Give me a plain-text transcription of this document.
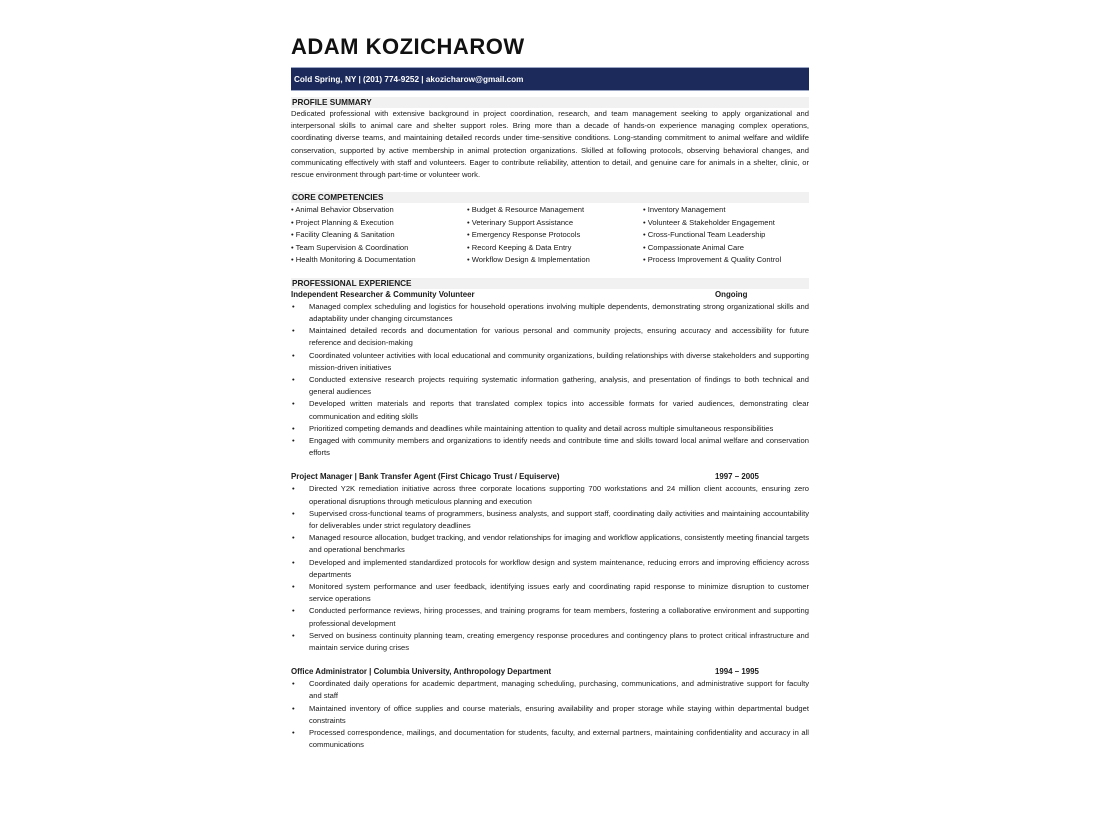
ADAM KOZICHAROW
Cold Spring, NY | (201) 774-9252 | akozicharow@gmail.com
PROFILE SUMMARY

Dedicated professional with extensive background in project coordination, research, and team management seeking to apply organizational and interpersonal skills to animal care and shelter support roles. Bring more than a decade of hands-on experience managing complex operations, coordinating diverse teams, and maintaining detailed records under time-sensitive conditions. Long-standing commitment to animal welfare and wildlife conservation, supported by active membership in animal protection organizations. Skilled at following protocols, observing behavioral changes, and communicating effectively with staff and volunteers. Eager to contribute reliability, attention to detail, and genuine care for animals in a shelter, clinic, or rescue environment through part-time or volunteer work.

CORE COMPETENCIES
• Animal Behavior Observation	• Budget & Resource Management	• Inventory Management
• Project Planning & Execution	• Veterinary Support Assistance	• Volunteer & Stakeholder Engagement
• Facility Cleaning & Sanitation	• Emergency Response Protocols	• Cross-Functional Team Leadership
• Team Supervision & Coordination	• Record Keeping & Data Entry	• Compassionate Animal Care
• Health Monitoring & Documentation	• Workflow Design & Implementation	• Process Improvement & Quality Control
PROFESSIONAL EXPERIENCE
Independent Researcher & Community Volunteer	Ongoing
• Managed complex scheduling and logistics for household operations involving multiple dependents, demonstrating strong organizational skills and adaptability under changing circumstances
• Maintained detailed records and documentation for various personal and community projects, ensuring accuracy and accessibility for future reference and decision-making
• Coordinated volunteer activities with local educational and community organizations, building relationships with diverse stakeholders and supporting mission-driven initiatives
• Conducted extensive research projects requiring systematic information gathering, analysis, and presentation of findings to both technical and general audiences
• Developed written materials and reports that translated complex topics into accessible formats for varied audiences, demonstrating clear communication and editing skills
• Prioritized competing demands and deadlines while maintaining attention to quality and detail across multiple simultaneous responsibilities
• Engaged with community members and organizations to identify needs and contribute time and skills toward local animal welfare and conservation efforts
Project Manager | Bank Transfer Agent (First Chicago Trust / Equiserve)	1997 – 2005
• Directed Y2K remediation initiative across three corporate locations supporting 700 workstations and 24 million client accounts, ensuring zero operational disruptions through meticulous planning and execution
• Supervised cross-functional teams of programmers, business analysts, and support staff, coordinating daily activities and maintaining accountability for deliverables under strict regulatory deadlines
• Managed resource allocation, budget tracking, and vendor relationships for imaging and workflow applications, consistently meeting financial targets and operational benchmarks
• Developed and implemented standardized protocols for workflow design and system maintenance, reducing errors and improving efficiency across departments
• Monitored system performance and user feedback, identifying issues early and coordinating rapid response to minimize disruption to customer service operations
• Conducted performance reviews, hiring processes, and training programs for team members, fostering a collaborative environment and supporting professional development
• Served on business continuity planning team, creating emergency response procedures and contingency plans to protect critical infrastructure and maintain service during crises
Office Administrator | Columbia University, Anthropology Department	1994 – 1995
• Coordinated daily operations for academic department, managing scheduling, purchasing, communications, and administrative support for faculty and staff
• Maintained inventory of office supplies and course materials, ensuring availability and proper storage while staying within departmental budget constraints
• Processed correspondence, mailings, and documentation for students, faculty, and external partners, maintaining confidentiality and accuracy in all communications
